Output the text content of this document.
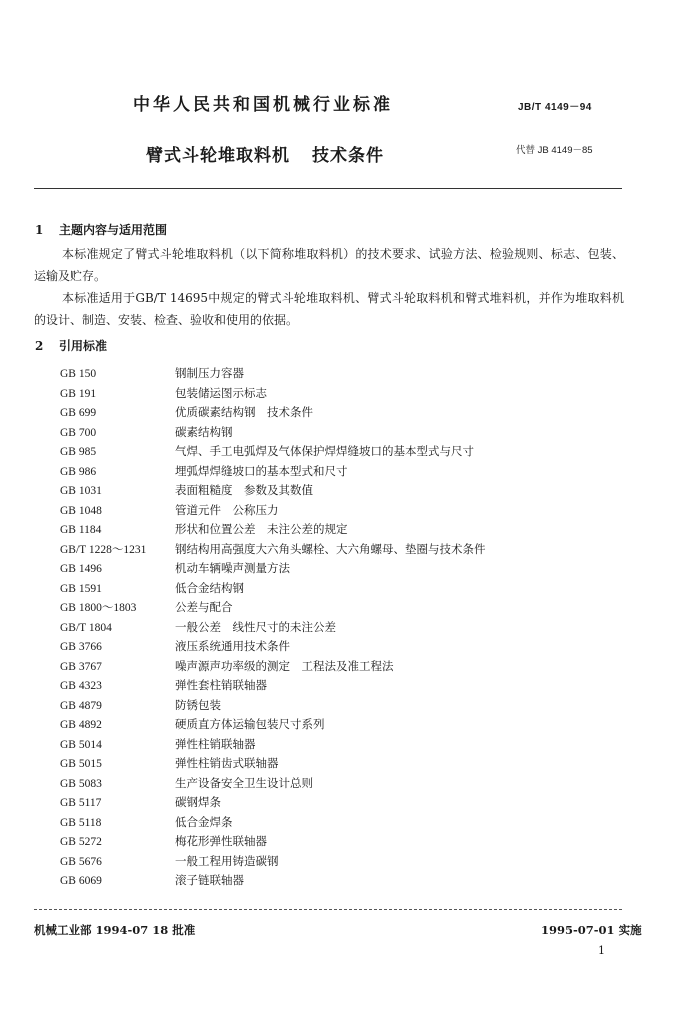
中华人民共和国机械行业标准	JB/T 4149－94
臂式斗轮堆取料机 技术条件	代替 JB 4149－85
1 主题内容与适用范围
本标准规定了臂式斗轮堆取料机（以下简称堆取料机）的技术要求、试验方法、检验规则、标志、包装、运输及贮存。
本标准适用于GB/T 14695中规定的臂式斗轮堆取料机、臂式斗轮取料机和臂式堆料机，并作为堆取料机的设计、制造、安装、检查、验收和使用的依据。
2 引用标准
GB 150	钢制压力容器
GB 191	包装储运图示标志
GB 699	优质碳素结构钢　技术条件
GB 700	碳素结构钢
GB 985	气焊、手工电弧焊及气体保护焊焊缝坡口的基本型式与尺寸
GB 986	埋弧焊焊缝坡口的基本型式和尺寸
GB 1031	表面粗糙度　参数及其数值
GB 1048	管道元件　公称压力
GB 1184	形状和位置公差　未注公差的规定
GB/T 1228～1231 钢结构用高强度大六角头螺栓、大六角螺母、垫圈与技术条件
GB 1496	机动车辆噪声测量方法
GB 1591	低合金结构钢
GB 1800～1803	公差与配合
GB/T 1804	一般公差　线性尺寸的未注公差
GB 3766	液压系统通用技术条件
GB 3767	噪声源声功率级的测定　工程法及准工程法
GB 4323	弹性套柱销联轴器
GB 4879	防锈包装
GB 4892	硬质直方体运输包装尺寸系列
GB 5014	弹性柱销联轴器
GB 5015	弹性柱销齿式联轴器
GB 5083	生产设备安全卫生设计总则
GB 5117	碳钢焊条
GB 5118	低合金焊条
GB 5272	梅花形弹性联轴器
GB 5676	一般工程用铸造碳钢
GB 6069	滚子链联轴器
机械工业部 1994-07 18 批准	1995-07-01 实施
1
